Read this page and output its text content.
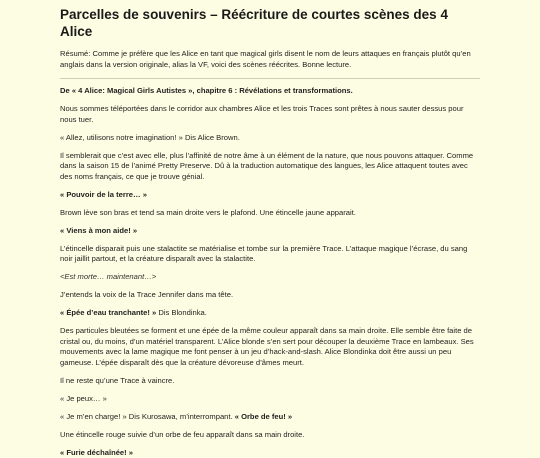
Parcelles de souvenirs – Réécriture de courtes scènes des 4 Alice

Résumé: Comme je préfère que les Alice en tant que magical girls disent le nom de leurs attaques en français plutôt qu’en anglais dans la version originale, alias la VF, voici des scènes réécrites. Bonne lecture.

De « 4 Alice: Magical Girls Autistes », chapitre 6 : Révélations et transformations.

Nous sommes téléportées dans le corridor aux chambres Alice et les trois Traces sont prêtes à nous sauter dessus pour nous tuer.

« Allez, utilisons notre imagination! » Dis Alice Brown.

Il semblerait que c’est avec elle, plus l’affinité de notre âme à un élément de la nature, que nous pouvons attaquer. Comme dans la saison 15 de l’animé Pretty Preserve. Dû à la traduction automatique des langues, les Alice attaquent toutes avec des noms français, ce que je trouve génial.

« Pouvoir de la terre… »

Brown lève son bras et tend sa main droite vers le plafond. Une étincelle jaune apparait.

« Viens à mon aide! »

L’étincelle disparait puis une stalactite se matérialise et tombe sur la première Trace. L’attaque magique l’écrase, du sang noir jaillit partout, et la créature disparaît avec la stalactite.

<Est morte… maintenant…>

J’entends la voix de la Trace Jennifer dans ma tête.

« Épée d’eau tranchante! » Dis Blondinka.

Des particules bleutées se forment et une épée de la même couleur apparaît dans sa main droite. Elle semble être faite de cristal ou, du moins, d’un matériel transparent. L’Alice blonde s’en sert pour découper la deuxième Trace en lambeaux. Ses mouvements avec la lame magique me font penser à un jeu d’hack-and-slash. Alice Blondinka doit être aussi un peu gameuse. L’épée disparaît dès que la créature dévoreuse d’âmes meurt.

Il ne reste qu’une Trace à vaincre.

« Je peux… »

« Je m’en charge! » Dis Kurosawa, m’interrompant. « Orbe de feu! »

Une étincelle rouge suivie d’un orbe de feu apparaît dans sa main droite.

« Furie déchaînée! »
